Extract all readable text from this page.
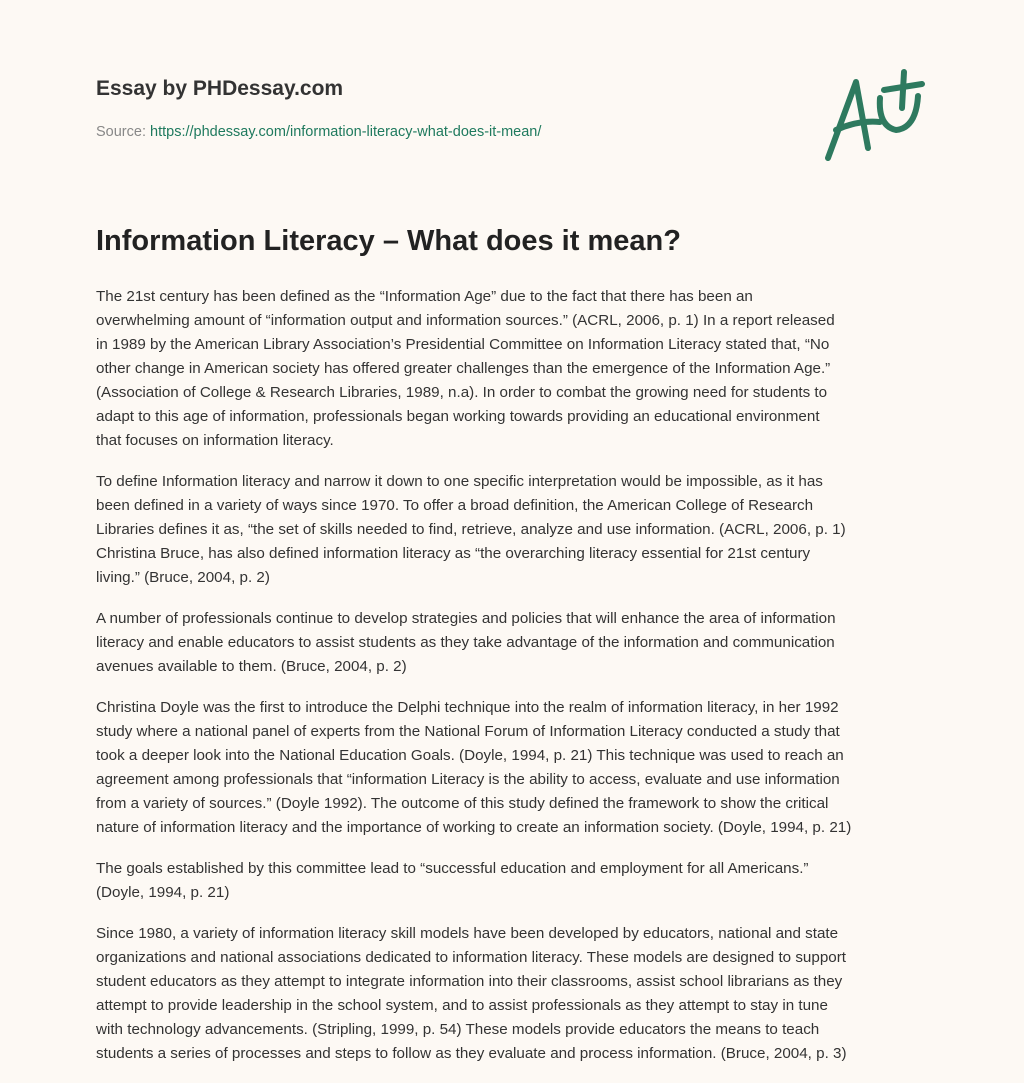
Essay by PHDessay.com
Source: https://phdessay.com/information-literacy-what-does-it-mean/
Information Literacy – What does it mean?

The 21st century has been defined as the “Information Age” due to the fact that there has been an
overwhelming amount of “information output and information sources.” (ACRL, 2006, p. 1) In a report released
in 1989 by the American Library Association’s Presidential Committee on Information Literacy stated that, “No
other change in American society has offered greater challenges than the emergence of the Information Age.”
(Association of College & Research Libraries, 1989, n.a). In order to combat the growing need for students to
adapt to this age of information, professionals began working towards providing an educational environment
that focuses on information literacy.

To define Information literacy and narrow it down to one specific interpretation would be impossible, as it has
been defined in a variety of ways since 1970. To offer a broad definition, the American College of Research
Libraries defines it as, “the set of skills needed to find, retrieve, analyze and use information. (ACRL, 2006, p. 1)
Christina Bruce, has also defined information literacy as “the overarching literacy essential for 21st century
living.” (Bruce, 2004, p. 2)

A number of professionals continue to develop strategies and policies that will enhance the area of information
literacy and enable educators to assist students as they take advantage of the information and communication
avenues available to them. (Bruce, 2004, p. 2)

Christina Doyle was the first to introduce the Delphi technique into the realm of information literacy, in her 1992
study where a national panel of experts from the National Forum of Information Literacy conducted a study that
took a deeper look into the National Education Goals. (Doyle, 1994, p. 21) This technique was used to reach an
agreement among professionals that “information Literacy is the ability to access, evaluate and use information
from a variety of sources.” (Doyle 1992). The outcome of this study defined the framework to show the critical
nature of information literacy and the importance of working to create an information society. (Doyle, 1994, p. 21)

The goals established by this committee lead to “successful education and employment for all Americans.”
(Doyle, 1994, p. 21)

Since 1980, a variety of information literacy skill models have been developed by educators, national and state
organizations and national associations dedicated to information literacy. These models are designed to support
student educators as they attempt to integrate information into their classrooms, assist school librarians as they
attempt to provide leadership in the school system, and to assist professionals as they attempt to stay in tune
with technology advancements. (Stripling, 1999, p. 54) These models provide educators the means to teach
students a series of processes and steps to follow as they evaluate and process information. (Bruce, 2004, p. 3)
